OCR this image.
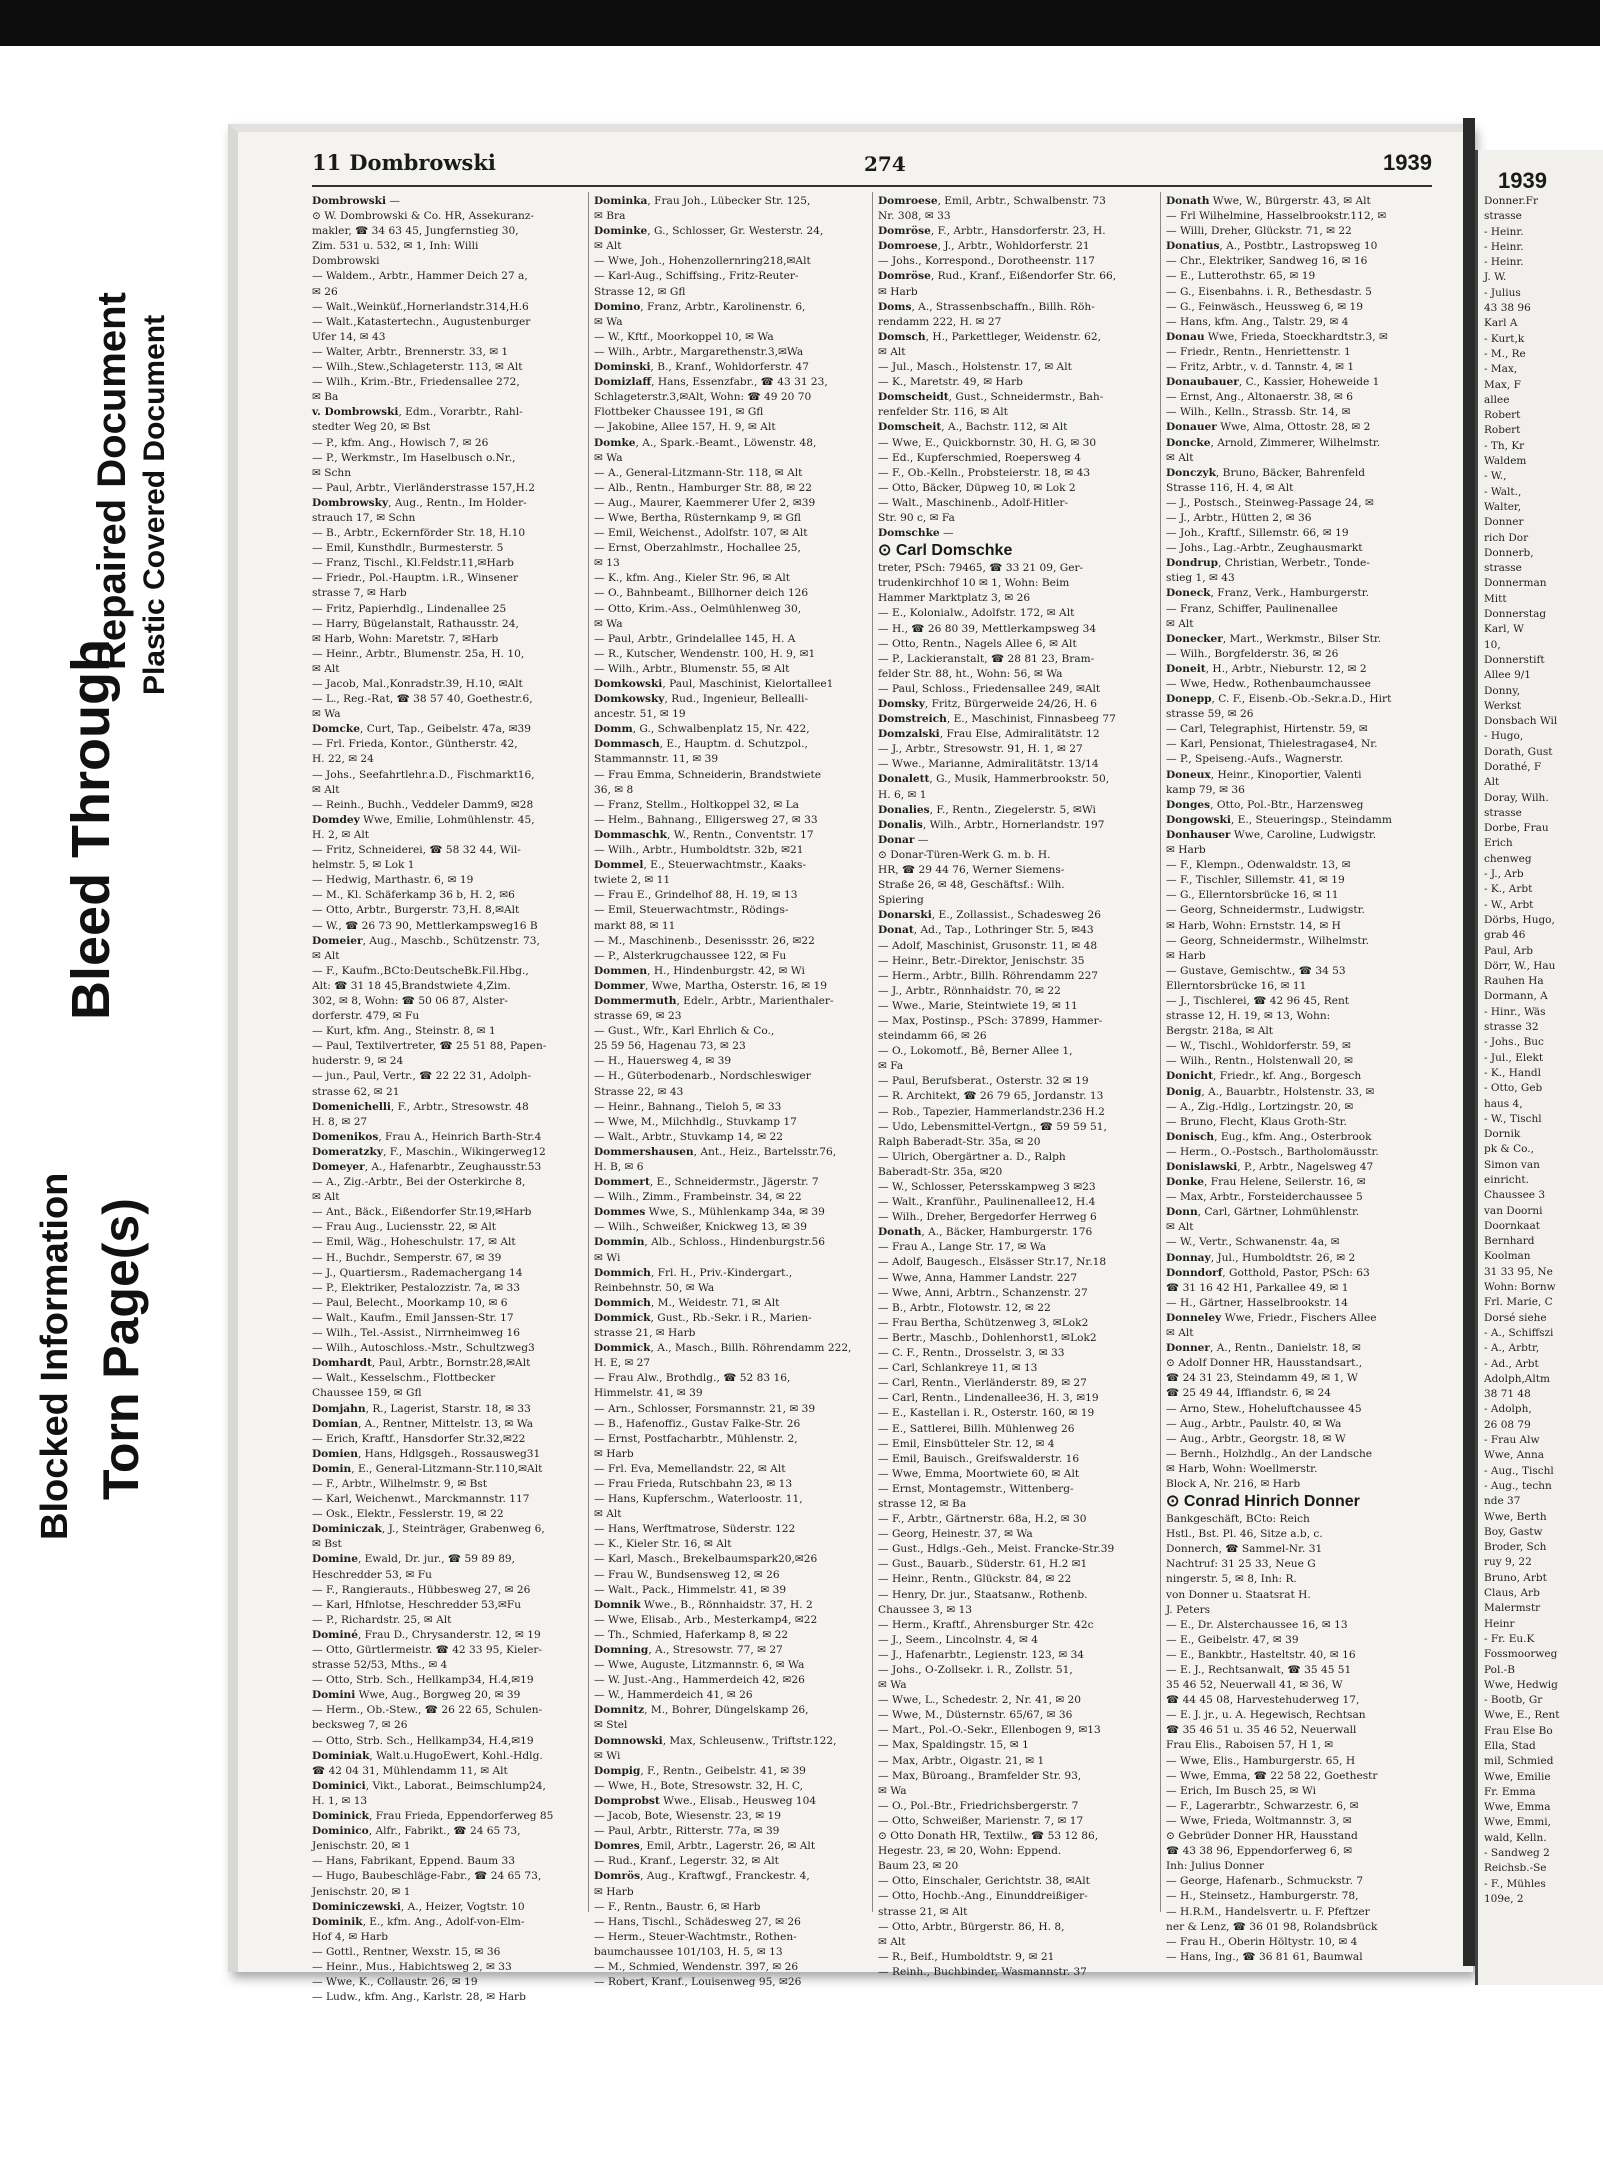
Blocked Information Torn Page(s)
Bleed Through
Repaired Document Plastic Covered Document
1939
Donner.Fr
strasse
- Heinr.
- Heinr.
- Heinr.
J. W.
- Julius
43 38 96
Karl A
- Kurt,k
- M., Re
- Max,
Max, F
allee
Robert
Robert
- Th, Kr
Waldem
- W.,
- Walt.,
Walter,
Donner
rich Dor
Donnerb,
strasse
Donnerman
Mitt
Donnerstag
Karl, W
10,
Donnerstift
Allee 9/1
Donny,
Werkst
Donsbach Wil
- Hugo,
Dorath, Gust
Dorathé, F
Alt
Doray, Wilh.
strasse
Dorbe, Frau
Erich
chenweg
- J., Arb
- K., Arbt
- W., Arbt
Dörbs, Hugo,
grab 46
Paul, Arb
Dörr, W., Hau
Rauhen Ha
Dormann, A
- Hinr., Wäs
strasse 32
- Johs., Buc
- Jul., Elekt
- K., Handl
- Otto, Geb
haus 4,
- W., Tischl
Dornik
pk & Co.,
Simon van
einricht.
Chaussee 3
van Doorni
Doornkaat
Bernhard
Koolman
31 33 95, Ne
Wohn: Bornw
Frl. Marie, C
Dorsé siehe
- A., Schiffszi
- A., Arbtr,
- Ad., Arbt
Adolph,Altm
38 71 48
- Adolph,
26 08 79
- Frau Alw
Wwe, Anna
- Aug., Tischl
- Aug., techn
nde 37
Wwe, Berth
Boy, Gastw
Broder, Sch
ruy 9, 22
Bruno, Arbt
Claus, Arb
Malermstr
Heinr
- Fr. Eu.K
Fossmoorweg
Pol.-B
Wwe, Hedwig
- Bootb, Gr
Wwe, E., Rent
Frau Else Bo
Ella, Stad
mil, Schmied
Wwe, Emilie
Fr. Emma
Wwe, Emma
Wwe, Emmi,
wald, Kelln.
- Sandweg 2
Reichsb.-Se
- F., Mühles
109e, 2
11 Dombrowski	274	1939
Dombrowski —
⊙ W. Dombrowski & Co. HR, Assekuranz-
makler, ☎ 34 63 45, Jungfernstieg 30,
Zim. 531 u. 532, ✉ 1, Inh: Willi
Dombrowski
— Waldem., Arbtr., Hammer Deich 27 a,
✉ 26
— Walt.,Weinküf.,Hornerlandstr.314,H.6
— Walt.,Katastertechn., Augustenburger
Ufer 14, ✉ 43
— Walter, Arbtr., Brennerstr. 33, ✉ 1
— Wilh.,Stew.,Schlageterstr. 113, ✉ Alt
— Wilh., Krim.-Btr., Friedensallee 272,
✉ Ba
v. Dombrowski, Edm., Vorarbtr., Rahl-
stedter Weg 20, ✉ Bst
— P., kfm. Ang., Howisch 7, ✉ 26
— P., Werkmstr., Im Haselbusch o.Nr.,
✉ Schn
— Paul, Arbtr., Vierländerstrasse 157,H.2
Dombrowsky, Aug., Rentn., Im Holder-
strauch 17, ✉ Schn
— B., Arbtr., Eckernförder Str. 18, H.10
— Emil, Kunsthdlr., Burmesterstr. 5
— Franz, Tischl., Kl.Feldstr.11,✉Harb
— Friedr., Pol.-Hauptm. i.R., Winsener
strasse 7, ✉ Harb
— Fritz, Papierhdlg., Lindenallee 25
— Harry, Bügelanstalt, Rathausstr. 24,
✉ Harb, Wohn: Maretstr. 7, ✉Harb
— Heinr., Arbtr., Blumenstr. 25a, H. 10,
✉ Alt
— Jacob, Mal.,Konradstr.39, H.10, ✉Alt
— L., Reg.-Rat, ☎ 38 57 40, Goethestr.6,
✉ Wa
Domcke, Curt, Tap., Geibelstr. 47a, ✉39
— Frl. Frieda, Kontor., Güntherstr. 42,
H. 22, ✉ 24
— Johs., Seefahrtlehr.a.D., Fischmarkt16,
✉ Alt
— Reinh., Buchh., Veddeler Damm9, ✉28
Domdey Wwe, Emilie, Lohmühlenstr. 45,
H. 2, ✉ Alt
— Fritz, Schneiderei, ☎ 58 32 44, Wil-
helmstr. 5, ✉ Lok 1
— Hedwig, Marthastr. 6, ✉ 19
— M., Kl. Schäferkamp 36 b, H. 2, ✉6
— Otto, Arbtr., Burgerstr. 73,H. 8,✉Alt
— W., ☎ 26 73 90, Mettlerkampsweg16 B
Domeier, Aug., Maschb., Schützenstr. 73,
✉ Alt
— F., Kaufm.,BCto:DeutscheBk.Fil.Hbg.,
Alt: ☎ 31 18 45,Brandstwiete 4,Zim.
302, ✉ 8, Wohn: ☎ 50 06 87, Alster-
dorferstr. 479, ✉ Fu
— Kurt, kfm. Ang., Steinstr. 8, ✉ 1
— Paul, Textilvertreter, ☎ 25 51 88, Papen-
huderstr. 9, ✉ 24
— jun., Paul, Vertr., ☎ 22 22 31, Adolph-
strasse 62, ✉ 21
Domenichelli, F., Arbtr., Stresowstr. 48
H. 8, ✉ 27
Domenikos, Frau A., Heinrich Barth-Str.4
Domeratzky, F., Maschin., Wikingerweg12
Domeyer, A., Hafenarbtr., Zeughausstr.53
— A., Zig.-Arbtr., Bei der Osterkirche 8,
✉ Alt
— Ant., Bäck., Eißendorfer Str.19,✉Harb
— Frau Aug., Luciensstr. 22, ✉ Alt
— Emil, Wäg., Hoheschulstr. 17, ✉ Alt
— H., Buchdr., Semperstr. 67, ✉ 39
— J., Quartiersm., Rademachergang 14
— P., Elektriker, Pestalozzistr. 7a, ✉ 33
— Paul, Belecht., Moorkamp 10, ✉ 6
— Walt., Kaufm., Emil Janssen-Str. 17
— Wilh., Tel.-Assist., Nirrnheimweg 16
— Wilh., Autoschloss.-Mstr., Schultzweg3
Domhardt, Paul, Arbtr., Bornstr.28,✉Alt
— Walt., Kesselschm., Flottbecker
Chaussee 159, ✉ Gfl
Domjahn, R., Lagerist, Starstr. 18, ✉ 33
Domian, A., Rentner, Mittelstr. 13, ✉ Wa
— Erich, Kraftf., Hansdorfer Str.32,✉22
Domien, Hans, Hdlgsgeh., Rossausweg31
Domin, E., General-Litzmann-Str.110,✉Alt
— F., Arbtr., Wilhelmstr. 9, ✉ Bst
— Karl, Weichenwt., Marckmannstr. 117
— Osk., Elektr., Fesslerstr. 19, ✉ 22
Dominiczak, J., Steinträger, Grabenweg 6,
✉ Bst
Domine, Ewald, Dr. jur., ☎ 59 89 89,
Heschredder 53, ✉ Fu
— F., Rangierauts., Hübbesweg 27, ✉ 26
— Karl, Hfnlotse, Heschredder 53,✉Fu
— P., Richardstr. 25, ✉ Alt
Dominé, Frau D., Chrysanderstr. 12, ✉ 19
— Otto, Gürtlermeistr. ☎ 42 33 95, Kieler-
strasse 52/53, Mths., ✉ 4
— Otto, Strb. Sch., Hellkamp34, H.4,✉19
Domini Wwe, Aug., Borgweg 20, ✉ 39
— Herm., Ob.-Stew., ☎ 26 22 65, Schulen-
becksweg 7, ✉ 26
— Otto, Strb. Sch., Hellkamp34, H.4,✉19
Dominiak, Walt.u.HugoEwert, Kohl.-Hdlg.
☎ 42 04 31, Mühlendamm 11, ✉ Alt
Dominici, Vikt., Laborat., Beimschlump24,
H. 1, ✉ 13
Dominick, Frau Frieda, Eppendorferweg 85
Dominico, Alfr., Fabrikt., ☎ 24 65 73,
Jenischstr. 20, ✉ 1
— Hans, Fabrikant, Eppend. Baum 33
— Hugo, Baubeschläge-Fabr., ☎ 24 65 73,
Jenischstr. 20, ✉ 1
Dominiczewski, A., Heizer, Vogtstr. 10
Dominik, E., kfm. Ang., Adolf-von-Elm-
Hof 4, ✉ Harb
— Gottl., Rentner, Wexstr. 15, ✉ 36
— Heinr., Mus., Habichtsweg 2, ✉ 33
— Wwe, K., Collaustr. 26, ✉ 19
— Ludw., kfm. Ang., Karlstr. 28, ✉ Harb
Dominka, Frau Joh., Lübecker Str. 125,
✉ Bra
Dominke, G., Schlosser, Gr. Westerstr. 24,
✉ Alt
— Wwe, Joh., Hohenzollernring218,✉Alt
— Karl-Aug., Schiffsing., Fritz-Reuter-
Strasse 12, ✉ Gfl
Domino, Franz, Arbtr., Karolinenstr. 6,
✉ Wa
— W., Kftf., Moorkoppel 10, ✉ Wa
— Wilh., Arbtr., Margarethenstr.3,✉Wa
Dominski, B., Kranf., Wohldorferstr. 47
Domizlaff, Hans, Essenzfabr., ☎ 43 31 23,
Schlageterstr.3,✉Alt, Wohn: ☎ 49 20 70
Flottbeker Chaussee 191, ✉ Gfl
— Jakobine, Allee 157, H. 9, ✉ Alt
Domke, A., Spark.-Beamt., Löwenstr. 48,
✉ Wa
— A., General-Litzmann-Str. 118, ✉ Alt
— Alb., Rentn., Hamburger Str. 88, ✉ 22
— Aug., Maurer, Kaemmerer Ufer 2, ✉39
— Wwe, Bertha, Rüsternkamp 9, ✉ Gfl
— Emil, Weichenst., Adolfstr. 107, ✉ Alt
— Ernst, Oberzahlmstr., Hochallee 25,
✉ 13
— K., kfm. Ang., Kieler Str. 96, ✉ Alt
— O., Bahnbeamt., Billhorner deich 126
— Otto, Krim.-Ass., Oelmühlenweg 30,
✉ Wa
— Paul, Arbtr., Grindelallee 145, H. A
— R., Kutscher, Wendenstr. 100, H. 9, ✉1
— Wilh., Arbtr., Blumenstr. 55, ✉ Alt
Domkowski, Paul, Maschinist, Kielortallee1
Domkowsky, Rud., Ingenieur, Bellealli-
ancestr. 51, ✉ 19
Domm, G., Schwalbenplatz 15, Nr. 422,
Dommasch, E., Hauptm. d. Schutzpol.,
Stammannstr. 11, ✉ 39
— Frau Emma, Schneiderin, Brandstwiete
36, ✉ 8
— Franz, Stellm., Holtkoppel 32, ✉ La
— Helm., Bahnang., Elligersweg 27, ✉ 33
Dommaschk, W., Rentn., Conventstr. 17
— Wilh., Arbtr., Humboldtstr. 32b, ✉21
Dommel, E., Steuerwachtmstr., Kaaks-
twiete 2, ✉ 11
— Frau E., Grindelhof 88, H. 19, ✉ 13
— Emil, Steuerwachtmstr., Rödings-
markt 88, ✉ 11
— M., Maschinenb., Desenissstr. 26, ✉22
— P., Alsterkrugchaussee 122, ✉ Fu
Dommen, H., Hindenburgstr. 42, ✉ Wi
Dommer, Wwe, Martha, Osterstr. 16, ✉ 19
Dommermuth, Edelr., Arbtr., Marienthaler-
strasse 69, ✉ 23
— Gust., Wfr., Karl Ehrlich & Co.,
25 59 56, Hagenau 73, ✉ 23
— H., Hauersweg 4, ✉ 39
— H., Güterbodenarb., Nordschleswiger
Strasse 22, ✉ 43
— Heinr., Bahnang., Tieloh 5, ✉ 33
— Wwe, M., Milchhdlg., Stuvkamp 17
— Walt., Arbtr., Stuvkamp 14, ✉ 22
Dommershausen, Ant., Heiz., Bartelsstr.76,
H. B, ✉ 6
Dommert, E., Schneidermstr., Jägerstr. 7
— Wilh., Zimm., Frambeinstr. 34, ✉ 22
Dommes Wwe, S., Mühlenkamp 34a, ✉ 39
— Wilh., Schweißer, Knickweg 13, ✉ 39
Dommin, Alb., Schloss., Hindenburgstr.56
✉ Wi
Dommich, Frl. H., Priv.-Kindergart.,
Reinbehnstr. 50, ✉ Wa
Dommich, M., Weidestr. 71, ✉ Alt
Dommick, Gust., Rb.-Sekr. i R., Marien-
strasse 21, ✉ Harb
Dommick, A., Masch., Billh. Röhrendamm 222,
H. E, ✉ 27
— Frau Alw., Brothdlg., ☎ 52 83 16,
Himmelstr. 41, ✉ 39
— Arn., Schlosser, Forsmannstr. 21, ✉ 39
— B., Hafenoffiz., Gustav Falke-Str. 26
— Ernst, Postfacharbtr., Mühlenstr. 2,
✉ Harb
— Frl. Eva, Memellandstr. 22, ✉ Alt
— Frau Frieda, Rutschbahn 23, ✉ 13
— Hans, Kupferschm., Waterloostr. 11,
✉ Alt
— Hans, Werftmatrose, Süderstr. 122
— K., Kieler Str. 16, ✉ Alt
— Karl, Masch., Brekelbaumspark20,✉26
— Frau W., Bundsensweg 12, ✉ 26
— Walt., Pack., Himmelstr. 41, ✉ 39
Domnik Wwe., B., Rönnhaidstr. 37, H. 2
— Wwe, Elisab., Arb., Mesterkamp4, ✉22
— Th., Schmied, Haferkamp 8, ✉ 22
Domning, A., Stresowstr. 77, ✉ 27
— Wwe, Auguste, Litzmannstr. 6, ✉ Wa
— W. Just.-Ang., Hammerdeich 42, ✉26
— W., Hammerdeich 41, ✉ 26
Domnitz, M., Bohrer, Düngelskamp 26,
✉ Stel
Domnowski, Max, Schleusenw., Triftstr.122,
✉ Wi
Dompig, F., Rentn., Geibelstr. 41, ✉ 39
— Wwe, H., Bote, Stresowstr. 32, H. C,
Domprobst Wwe., Elisab., Heusweg 104
— Jacob, Bote, Wiesenstr. 23, ✉ 19
— Paul, Arbtr., Ritterstr. 77a, ✉ 39
Domres, Emil, Arbtr., Lagerstr. 26, ✉ Alt
— Rud., Kranf., Legerstr. 32, ✉ Alt
Domrös, Aug., Kraftwgf., Franckestr. 4,
✉ Harb
— F., Rentn., Baustr. 6, ✉ Harb
— Hans, Tischl., Schädesweg 27, ✉ 26
— Herm., Steuer-Wachtmstr., Rothen-
baumchaussee 101/103, H. 5, ✉ 13
— M., Schmied, Wendenstr. 397, ✉ 26
— Robert, Kranf., Louisenweg 95, ✉26
Domroese, Emil, Arbtr., Schwalbenstr. 73
Nr. 308, ✉ 33
Domröse, F., Arbtr., Hansdorferstr. 23, H.
Domroese, J., Arbtr., Wohldorferstr. 21
— Johs., Korrespond., Dorotheenstr. 117
Domröse, Rud., Kranf., Eißendorfer Str. 66,
✉ Harb
Doms, A., Strassenbschaffn., Billh. Röh-
rendamm 222, H. ✉ 27
Domsch, H., Parkettleger, Weidenstr. 62,
✉ Alt
— Jul., Masch., Holstenstr. 17, ✉ Alt
— K., Maretstr. 49, ✉ Harb
Domscheidt, Gust., Schneidermstr., Bah-
renfelder Str. 116, ✉ Alt
Domscheit, A., Bachstr. 112, ✉ Alt
— Wwe, E., Quickbornstr. 30, H. G, ✉ 30
— Ed., Kupferschmied, Roepersweg 4
— F., Ob.-Kelln., Probsteierstr. 18, ✉ 43
— Otto, Bäcker, Düpweg 10, ✉ Lok 2
— Walt., Maschinenb., Adolf-Hitler-
Str. 90 c, ✉ Fa
Domschke —
⊙ Carl Domschke
treter, PSch: 79465, ☎ 33 21 09, Ger-
trudenkirchhof 10 ✉ 1, Wohn: Beim
Hammer Marktplatz 3, ✉ 26
— E., Kolonialw., Adolfstr. 172, ✉ Alt
— H., ☎ 26 80 39, Mettlerkampsweg 34
— Otto, Rentn., Nagels Allee 6, ✉ Alt
— P., Lackieranstalt, ☎ 28 81 23, Bram-
felder Str. 88, ht., Wohn: 56, ✉ Wa
— Paul, Schloss., Friedensallee 249, ✉Alt
Domsky, Fritz, Bürgerweide 24/26, H. 6
Domstreich, E., Maschinist, Finnasbeeg 77
Domzalski, Frau Else, Admiralitätstr. 12
— J., Arbtr., Stresowstr. 91, H. 1, ✉ 27
— Wwe., Marianne, Admiralitätstr. 13/14
Donalett, G., Musik, Hammerbrookstr. 50,
H. 6, ✉ 1
Donalies, F., Rentn., Ziegelerstr. 5, ✉Wi
Donalis, Wilh., Arbtr., Hornerlandstr. 197
Donar —
⊙ Donar-Türen-Werk G. m. b. H.
HR, ☎ 29 44 76, Werner Siemens-
Straße 26, ✉ 48, Geschäftsf.: Wilh.
Spiering
Donarski, E., Zollassist., Schadesweg 26
Donat, Ad., Tap., Lothringer Str. 5, ✉43
— Adolf, Maschinist, Grusonstr. 11, ✉ 48
— Heinr., Betr.-Direktor, Jenischstr. 35
— Herm., Arbtr., Billh. Röhrendamm 227
— J., Arbtr., Rönnhaidstr. 70, ✉ 22
— Wwe., Marie, Steintwiete 19, ✉ 11
— Max, Postinsp., PSch: 37899, Hammer-
steindamm 66, ✉ 26
— O., Lokomotf., Bê, Berner Allee 1,
✉ Fa
— Paul, Berufsberat., Osterstr. 32 ✉ 19
— R. Architekt, ☎ 26 79 65, Jordanstr. 13
— Rob., Tapezier, Hammerlandstr.236 H.2
— Udo, Lebensmittel-Vertgn., ☎ 59 59 51,
Ralph Baberadt-Str. 35a, ✉ 20
— Ulrich, Obergärtner a. D., Ralph
Baberadt-Str. 35a, ✉20
— W., Schlosser, Petersskampweg 3 ✉23
— Walt., Kranführ., Paulinenallee12, H.4
— Wilh., Dreher, Bergedorfer Herrweg 6
Donath, A., Bäcker, Hamburgerstr. 176
— Frau A., Lange Str. 17, ✉ Wa
— Adolf, Baugesch., Elsässer Str.17, Nr.18
— Wwe, Anna, Hammer Landstr. 227
— Wwe, Anni, Arbtrn., Schanzenstr. 27
— B., Arbtr., Flotowstr. 12, ✉ 22
— Frau Bertha, Schützenweg 3, ✉Lok2
— Bertr., Maschb., Dohlenhorst1, ✉Lok2
— C. F., Rentn., Drosselstr. 3, ✉ 33
— Carl, Schlankreye 11, ✉ 13
— Carl, Rentn., Vierländerstr. 89, ✉ 27
— Carl, Rentn., Lindenallee36, H. 3, ✉19
— E., Kastellan i. R., Osterstr. 160, ✉ 19
— E., Sattlerei, Billh. Mühlenweg 26
— Emil, Einsbütteler Str. 12, ✉ 4
— Emil, Bauisch., Greifswalderstr. 16
— Wwe, Emma, Moortwiete 60, ✉ Alt
— Ernst, Montagemstr., Wittenberg-
strasse 12, ✉ Ba
— F., Arbtr., Gärtnerstr. 68a, H.2, ✉ 30
— Georg, Heinestr. 37, ✉ Wa
— Gust., Hdlgs.-Geh., Meist. Francke-Str.39
— Gust., Bauarb., Süderstr. 61, H.2 ✉1
— Heinr., Rentn., Glückstr. 84, ✉ 22
— Henry, Dr. jur., Staatsanw., Rothenb.
Chaussee 3, ✉ 13
— Herm., Kraftf., Ahrensburger Str. 42c
— J., Seem., Lincolnstr. 4, ✉ 4
— J., Hafenarbtr., Legienstr. 123, ✉ 34
— Johs., O-Zollsekr. i. R., Zollstr. 51,
✉ Wa
— Wwe, L., Schedestr. 2, Nr. 41, ✉ 20
— Wwe, M., Düsternstr. 65/67, ✉ 36
— Mart., Pol.-O.-Sekr., Ellenbogen 9, ✉13
— Max, Spaldingstr. 15, ✉ 1
— Max, Arbtr., Oigastr. 21, ✉ 1
— Max, Büroang., Bramfelder Str. 93,
✉ Wa
— O., Pol.-Btr., Friedrichsbergerstr. 7
— Otto, Schweißer, Marienstr. 7, ✉ 17
⊙ Otto Donath HR, Textilw., ☎ 53 12 86,
Hegestr. 23, ✉ 20, Wohn: Eppend.
Baum 23, ✉ 20
— Otto, Einschaler, Gerichtstr. 38, ✉Alt
— Otto, Hochb.-Ang., Einunddreißiger-
strasse 21, ✉ Alt
— Otto, Arbtr., Bürgerstr. 86, H. 8,
✉ Alt
— R., Beif., Humboldtstr. 9, ✉ 21
— Reinh., Buchbinder, Wasmannstr. 37
Donath Wwe, W., Bürgerstr. 43, ✉ Alt
— Frl Wilhelmine, Hasselbrookstr.112, ✉
— Willi, Dreher, Glückstr. 71, ✉ 22
Donatius, A., Postbtr., Lastropsweg 10
— Chr., Elektriker, Sandweg 16, ✉ 16
— E., Lutterothstr. 65, ✉ 19
— G., Eisenbahns. i. R., Bethesdastr. 5
— G., Feinwäsch., Heussweg 6, ✉ 19
— Hans, kfm. Ang., Talstr. 29, ✉ 4
Donau Wwe, Frieda, Stoeckhardtstr.3, ✉
— Friedr., Rentn., Henriettenstr. 1
— Fritz, Arbtr., v. d. Tannstr. 4, ✉ 1
Donaubauer, C., Kassier, Hoheweide 1
— Ernst, Ang., Altonaerstr. 38, ✉ 6
— Wilh., Kelln., Strassb. Str. 14, ✉
Donauer Wwe, Alma, Ottostr. 28, ✉ 2
Doncke, Arnold, Zimmerer, Wilhelmstr.
✉ Alt
Donczyk, Bruno, Bäcker, Bahrenfeld
Strasse 116, H. 4, ✉ Alt
— J., Postsch., Steinweg-Passage 24, ✉
— J., Arbtr., Hütten 2, ✉ 36
— Joh., Kraftf., Sillemstr. 66, ✉ 19
— Johs., Lag.-Arbtr., Zeughausmarkt
Dondrup, Christian, Werbetr., Tonde-
stieg 1, ✉ 43
Doneck, Franz, Verk., Hamburgerstr.
— Franz, Schiffer, Paulinenallee
✉ Alt
Donecker, Mart., Werkmstr., Bilser Str.
— Wilh., Borgfelderstr. 36, ✉ 26
Doneit, H., Arbtr., Nieburstr. 12, ✉ 2
— Wwe, Hedw., Rothenbaumchaussee
Donepp, C. F., Eisenb.-Ob.-Sekr.a.D., Hirt
strasse 59, ✉ 26
— Carl, Telegraphist, Hirtenstr. 59, ✉
— Karl, Pensionat, Thielestragase4, Nr.
— P., Speiseng.-Aufs., Wagnerstr.
Doneux, Heinr., Kinoportier, Valenti
kamp 79, ✉ 36
Donges, Otto, Pol.-Btr., Harzensweg
Dongowski, E., Steueringsp., Steindamm
Donhauser Wwe, Caroline, Ludwigstr.
✉ Harb
— F., Klempn., Odenwaldstr. 13, ✉
— F., Tischler, Sillemstr. 41, ✉ 19
— G., Ellerntorsbrücke 16, ✉ 11
— Georg, Schneidermstr., Ludwigstr.
✉ Harb, Wohn: Ernststr. 14, ✉ H
— Georg, Schneidermstr., Wilhelmstr.
✉ Harb
— Gustave, Gemischtw., ☎ 34 53
Ellerntorsbrücke 16, ✉ 11
— J., Tischlerei, ☎ 42 96 45, Rent
strasse 12, H. 19, ✉ 13, Wohn:
Bergstr. 218a, ✉ Alt
— W., Tischl., Wohldorferstr. 59, ✉
— Wilh., Rentn., Holstenwall 20, ✉
Donicht, Friedr., kf. Ang., Borgesch
Donig, A., Bauarbtr., Holstenstr. 33, ✉
— A., Zig.-Hdlg., Lortzingstr. 20, ✉
— Bruno, Flecht, Klaus Groth-Str.
Donisch, Eug., kfm. Ang., Osterbrook
— Herm., O.-Postsch., Bartholomäusstr.
Donislawski, P., Arbtr., Nagelsweg 47
Donke, Frau Helene, Seilerstr. 16, ✉
— Max, Arbtr., Forsteiderchaussee 5
Donn, Carl, Gärtner, Lohmühlenstr.
✉ Alt
— W., Vertr., Schwanenstr. 4a, ✉
Donnay, Jul., Humboldtstr. 26, ✉ 2
Donndorf, Gotthold, Pastor, PSch: 63
☎ 31 16 42 H1, Parkallee 49, ✉ 1
— H., Gärtner, Hasselbrookstr. 14
Donneley Wwe, Friedr., Fischers Allee
✉ Alt
Donner, A., Rentn., Danielstr. 18, ✉
⊙ Adolf Donner HR, Hausstandsart.,
☎ 24 31 23, Steindamm 49, ✉ 1, W
☎ 25 49 44, Iffiandstr. 6, ✉ 24
— Arno, Stew., Hoheluftchaussee 45
— Aug., Arbtr., Paulstr. 40, ✉ Wa
— Aug., Arbtr., Georgstr. 18, ✉ W
— Bernh., Holzhdlg., An der Landsche
✉ Harb, Wohn: Woellmerstr.
Block A, Nr. 216, ✉ Harb
⊙ Conrad Hinrich Donner
Bankgeschäft, BCto: Reich
Hstl., Bst. Pl. 46, Sitze a.b, c.
Donnerch, ☎ Sammel-Nr. 31
Nachtruf: 31 25 33, Neue G
ningerstr. 5, ✉ 8, Inh: R.
von Donner u. Staatsrat H.
J. Peters
— E., Dr. Alsterchaussee 16, ✉ 13
— E., Geibelstr. 47, ✉ 39
— E., Bankbtr., Hasteltstr. 40, ✉ 16
— E. J., Rechtsanwalt, ☎ 35 45 51
35 46 52, Neuerwall 41, ✉ 36, W
☎ 44 45 08, Harvestehuderweg 17,
— E. J. jr., u. A. Hegewisch, Rechtsan
☎ 35 46 51 u. 35 46 52, Neuerwall
Frau Elis., Raboisen 57, H 1, ✉
— Wwe, Elis., Hamburgerstr. 65, H
— Wwe, Emma, ☎ 22 58 22, Goethestr
— Erich, Im Busch 25, ✉ Wi
— F., Lagerarbtr., Schwarzestr. 6, ✉
— Wwe, Frieda, Woltmannstr. 3, ✉
⊙ Gebrüder Donner HR, Hausstand
☎ 43 38 96, Eppendorferweg 6, ✉
Inh: Julius Donner
— George, Hafenarb., Schmuckstr. 7
— H., Steinsetz., Hamburgerstr. 78,
— H.R.M., Handelsvertr. u. F. Pfeftzer
ner & Lenz, ☎ 36 01 98, Rolandsbrück
— Frau H., Oberin Höltystr. 10, ✉ 4
— Hans, Ing., ☎ 36 81 61, Baumwal
